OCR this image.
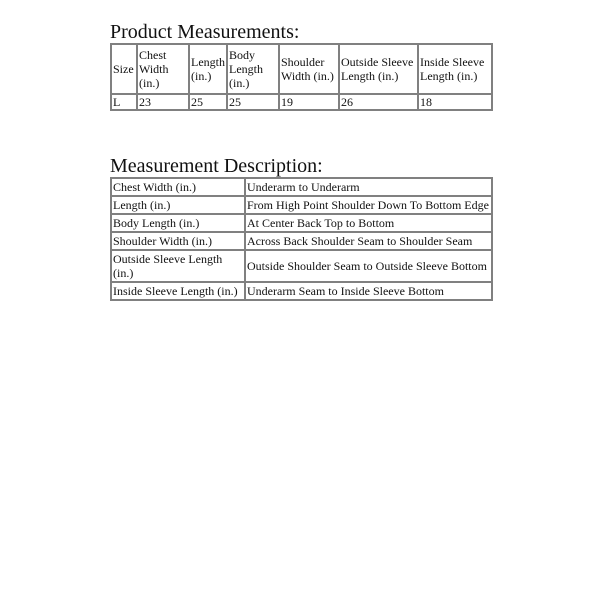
Product Measurements:
Size	Chest Width (in.)	Length (in.)	Body Length (in.)	Shoulder Width (in.)	Outside Sleeve Length (in.)	Inside Sleeve Length (in.)
L	23	25	25	19	26	18
Measurement Description:
Chest Width (in.)	Underarm to Underarm
Length (in.)	From High Point Shoulder Down To Bottom Edge
Body Length (in.)	At Center Back Top to Bottom
Shoulder Width (in.)	Across Back Shoulder Seam to Shoulder Seam
Outside Sleeve Length (in.)	Outside Shoulder Seam to Outside Sleeve Bottom
Inside Sleeve Length (in.)	Underarm Seam to Inside Sleeve Bottom
